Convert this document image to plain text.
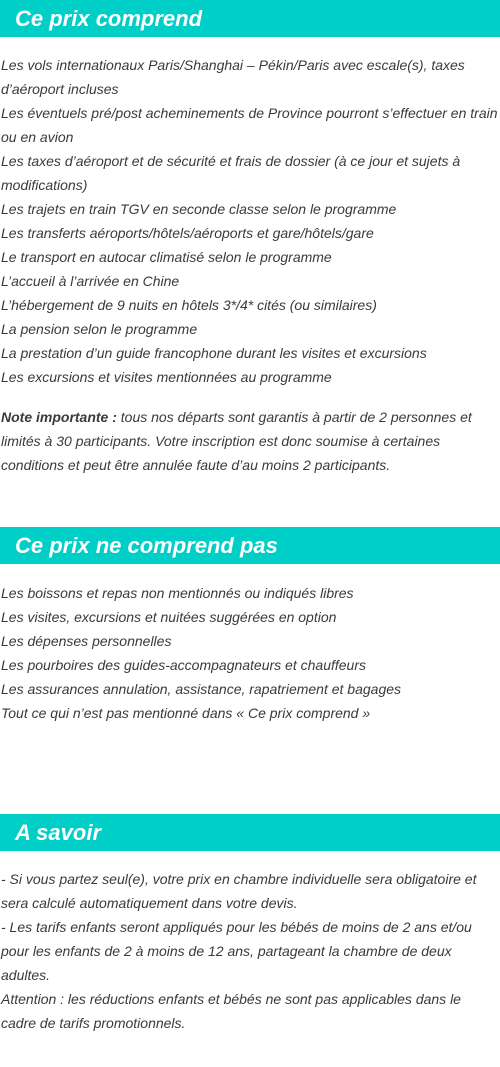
Ce prix comprend
Les vols internationaux Paris/Shanghai – Pékin/Paris avec escale(s), taxes d’aéroport incluses
Les éventuels pré/post acheminements de Province pourront s’effectuer en train ou en avion
Les taxes d’aéroport et de sécurité et frais de dossier (à ce jour et sujets à modifications)
Les trajets en train TGV en seconde classe selon le programme
Les transferts aéroports/hôtels/aéroports et gare/hôtels/gare
Le transport en autocar climatisé selon le programme
L’accueil à l’arrivée en Chine
L’hébergement de 9 nuits en hôtels 3*/4* cités (ou similaires)
La pension selon le programme
La prestation d’un guide francophone durant les visites et excursions
Les excursions et visites mentionnées au programme
Note importante : tous nos départs sont garantis à partir de 2 personnes et limités à 30 participants. Votre inscription est donc soumise à certaines conditions et peut être annulée faute d’au moins 2 participants.
Ce prix ne comprend pas
Les boissons et repas non mentionnés ou indiqués libres
Les visites, excursions et nuitées suggérées en option
Les dépenses personnelles
Les pourboires des guides-accompagnateurs et chauffeurs
Les assurances annulation, assistance, rapatriement et bagages
Tout ce qui n’est pas mentionné dans « Ce prix comprend »
A savoir
- Si vous partez seul(e), votre prix en chambre individuelle sera obligatoire et sera calculé automatiquement dans votre devis.
- Les tarifs enfants seront appliqués pour les bébés de moins de 2 ans et/ou pour les enfants de 2 à moins de 12 ans, partageant la chambre de deux adultes.
Attention : les réductions enfants et bébés ne sont pas applicables dans le cadre de tarifs promotionnels.
